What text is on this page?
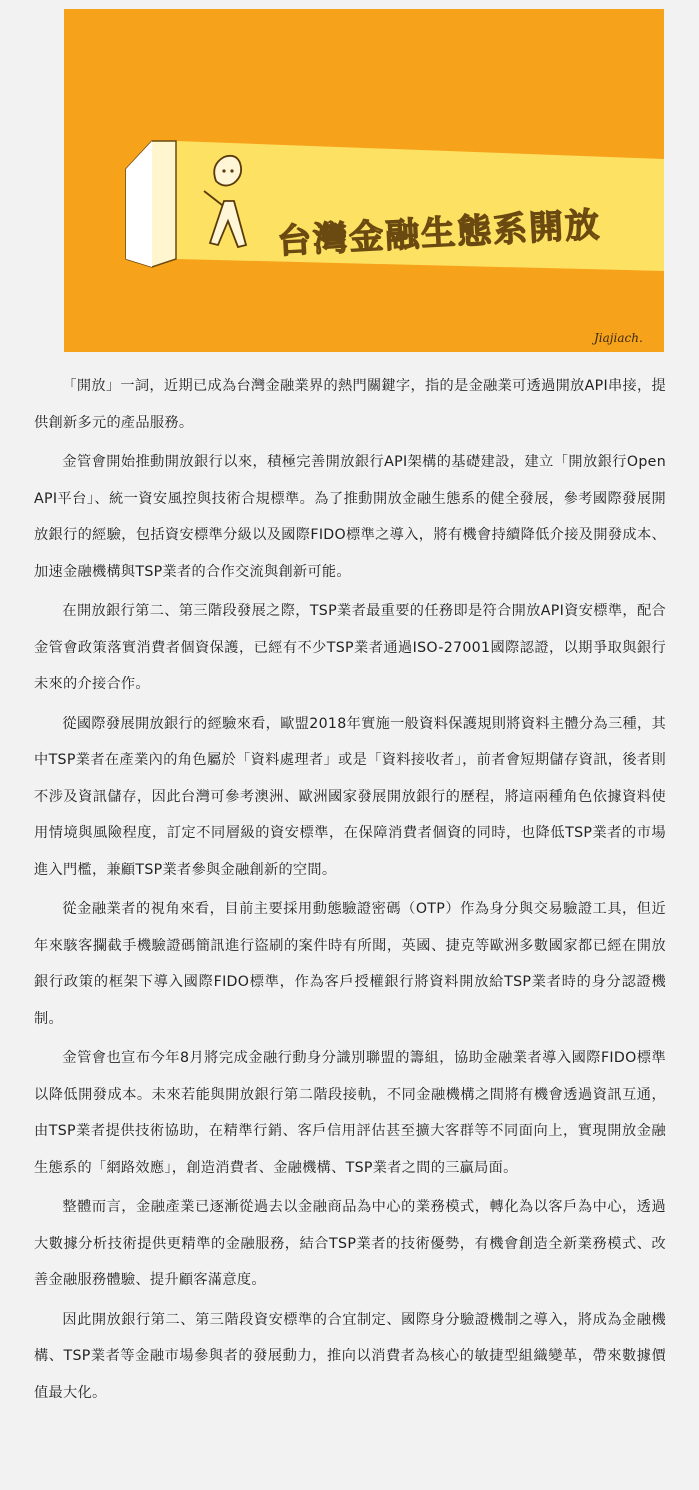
台灣金融生態系開放
Jiajiach.

「開放」一詞，近期已成為台灣金融業界的熱門關鍵字，指的是金融業可透過開放API串接，提供創新多元的產品服務。

金管會開始推動開放銀行以來，積極完善開放銀行API架構的基礎建設，建立「開放銀行Open API平台」、統一資安風控與技術合規標準。為了推動開放金融生態系的健全發展，參考國際發展開放銀行的經驗，包括資安標準分級以及國際FIDO標準之導入，將有機會持續降低介接及開發成本、加速金融機構與TSP業者的合作交流與創新可能。

在開放銀行第二、第三階段發展之際，TSP業者最重要的任務即是符合開放API資安標準，配合金管會政策落實消費者個資保護，已經有不少TSP業者通過ISO-27001國際認證，以期爭取與銀行未來的介接合作。

從國際發展開放銀行的經驗來看，歐盟2018年實施一般資料保護規則將資料主體分為三種，其中TSP業者在產業內的角色屬於「資料處理者」或是「資料接收者」，前者會短期儲存資訊，後者則不涉及資訊儲存，因此台灣可參考澳洲、歐洲國家發展開放銀行的歷程，將這兩種角色依據資料使用情境與風險程度，訂定不同層級的資安標準，在保障消費者個資的同時，也降低TSP業者的市場進入門檻，兼顧TSP業者參與金融創新的空間。

從金融業者的視角來看，目前主要採用動態驗證密碼（OTP）作為身分與交易驗證工具，但近年來駭客攔截手機驗證碼簡訊進行盜刷的案件時有所聞，英國、捷克等歐洲多數國家都已經在開放銀行政策的框架下導入國際FIDO標準，作為客戶授權銀行將資料開放給TSP業者時的身分認證機制。

金管會也宣布今年8月將完成金融行動身分識別聯盟的籌組，協助金融業者導入國際FIDO標準以降低開發成本。未來若能與開放銀行第二階段接軌，不同金融機構之間將有機會透過資訊互通，由TSP業者提供技術協助，在精準行銷、客戶信用評估甚至擴大客群等不同面向上，實現開放金融生態系的「網路效應」，創造消費者、金融機構、TSP業者之間的三贏局面。

整體而言，金融產業已逐漸從過去以金融商品為中心的業務模式，轉化為以客戶為中心，透過大數據分析技術提供更精準的金融服務，結合TSP業者的技術優勢，有機會創造全新業務模式、改善金融服務體驗、提升顧客滿意度。

因此開放銀行第二、第三階段資安標準的合宜制定、國際身分驗證機制之導入，將成為金融機構、TSP業者等金融市場參與者的發展動力，推向以消費者為核心的敏捷型組織變革，帶來數據價值最大化。
